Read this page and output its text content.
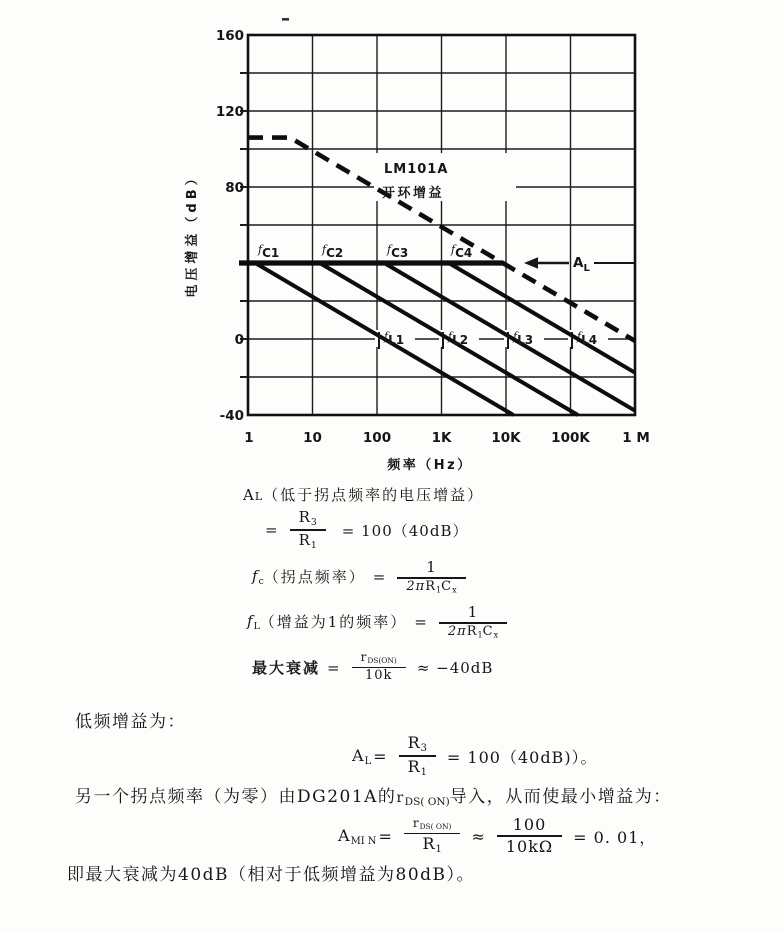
LM101A
开环增益
$^f_{C1}$	$^f_{C2}$	$^f_{C3}$	$^f_{C4}$
$^f_{L1}$	$^f_{L2}$	$^f_{L3}$	$^f_{L4}$
$A_L$
160
120
80
0
-40
1	10	100	1K	10K 100K 1 M
频率（Hz）
电压增益（dB）
AL （低于拐点频率的电压增益）
= $\frac{R_3}{R_1} = 100(40dB)$
$f_c$ （拐点频率） = $\frac{1}{2\pi R_1C_x}$
$f_L$ （增益为1的频率） = $\frac{1}{2\pi R_1C_x}$
最大衰减 = $\frac{r_{DS(ON)}}{10k} \approx -40dB$
低频增益为：
$A_L = \frac{R_3}{R_1} = 100(40dB)$）。
另一个拐点频率（为零）由DG201A的$r_{DS( ON)}$导入，从而使最小增益为：
$A_{MI N} = \frac{r_{DS( ON)}}{R_1} \approx \frac{100}{10k\Omega} = 0$. 01，
即最大衰减为40dB（相对于低频增益为80dB）。
